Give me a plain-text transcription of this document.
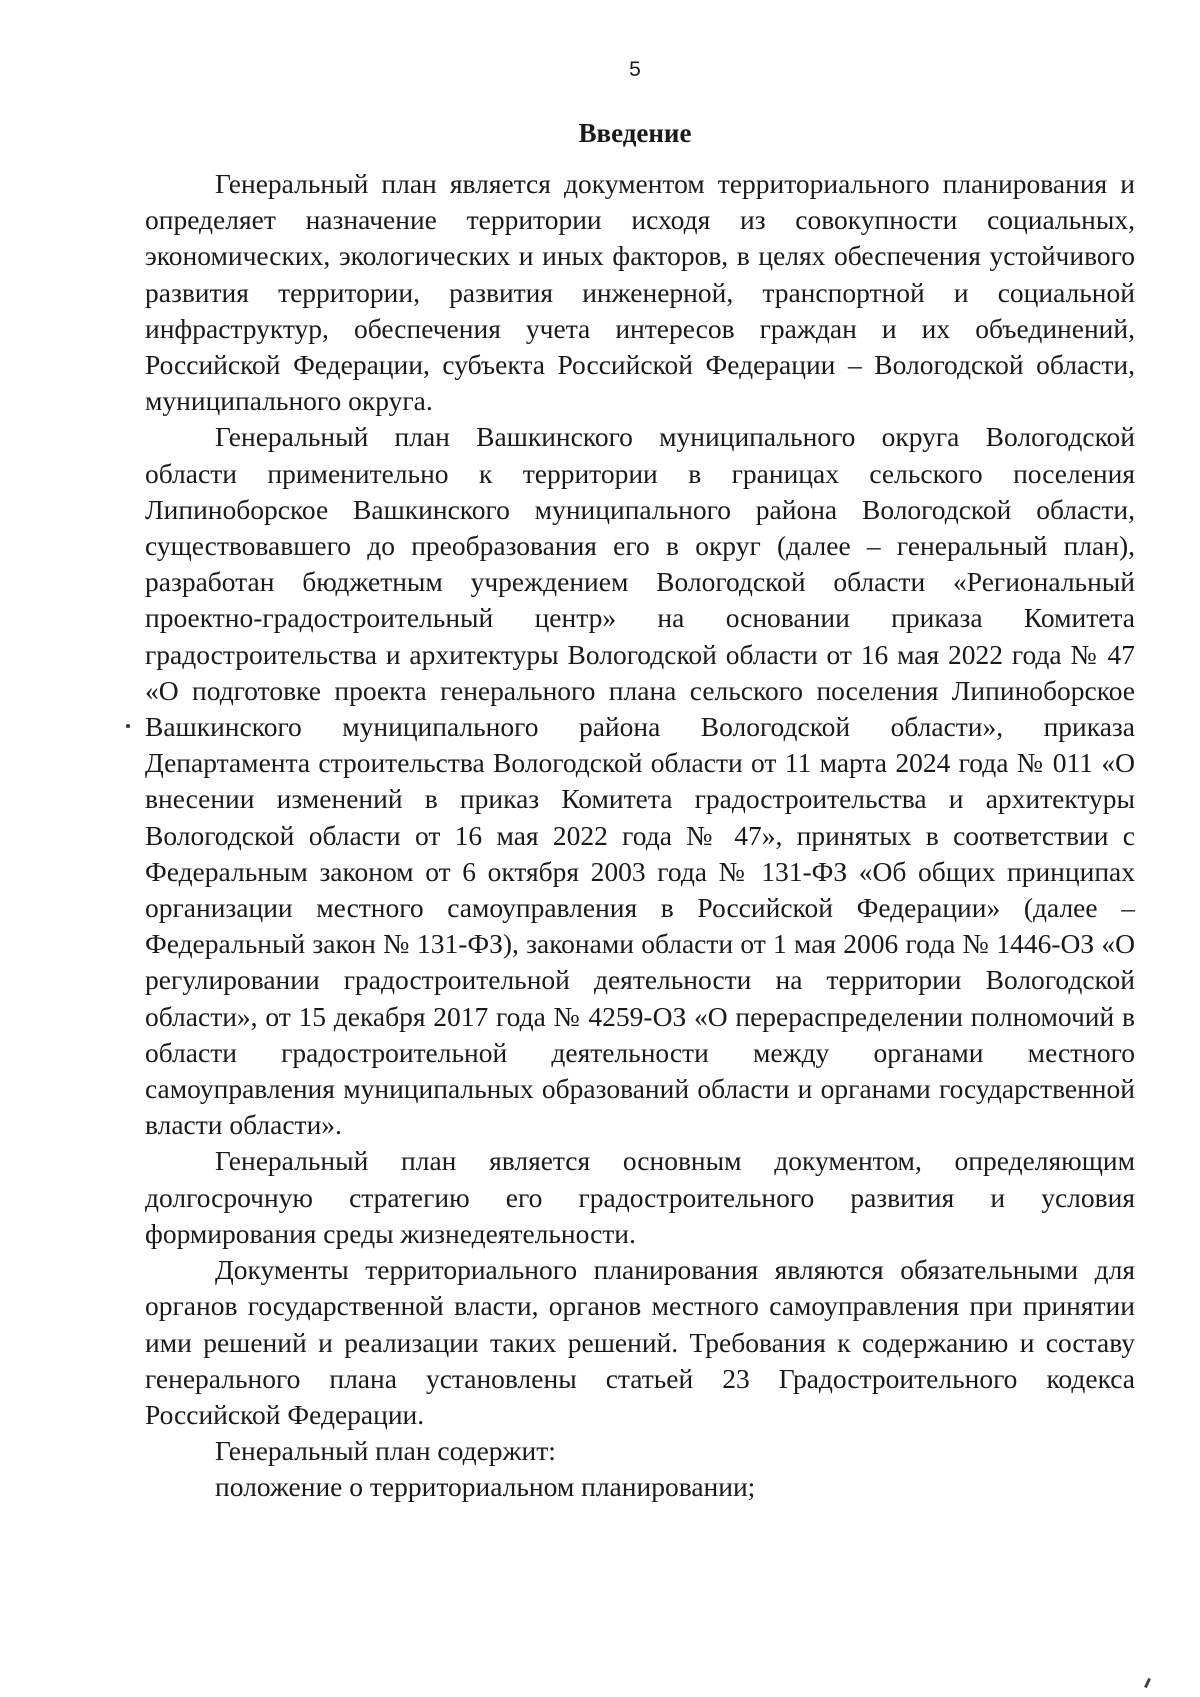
5
Введение

Генеральный план является документом территориального планирования и определяет назначение территории исходя из совокупности социальных, экономических, экологических и иных факторов, в целях обеспечения устойчивого развития территории, развития инженерной, транспортной и социальной инфраструктур, обеспечения учета интересов граждан и их объединений, Российской Федерации, субъекта Российской Федерации – Вологодской области, муниципального округа.

Генеральный план Вашкинского муниципального округа Вологодской области применительно к территории в границах сельского поселения Липиноборское Вашкинского муниципального района Вологодской области, существовавшего до преобразования его в округ (далее – генеральный план), разработан бюджетным учреждением Вологодской области «Региональный проектно-градостроительный центр» на основании приказа Комитета градостроительства и архитектуры Вологодской области от 16 мая 2022 года № 47 «О подготовке проекта генерального плана сельского поселения Липиноборское Вашкинского муниципального района Вологодской области», приказа Департамента строительства Вологодской области от 11 марта 2024 года № 011 «О внесении изменений в приказ Комитета градостроительства и архитектуры Вологодской области от 16 мая 2022 года № 47», принятых в соответствии с Федеральным законом от 6 октября 2003 года № 131-ФЗ «Об общих принципах организации местного самоуправления в Российской Федерации» (далее – Федеральный закон № 131-ФЗ), законами области от 1 мая 2006 года № 1446-ОЗ «О регулировании градостроительной деятельности на территории Вологодской области», от 15 декабря 2017 года № 4259-ОЗ «О перераспределении полномочий в области градостроительной деятельности между органами местного самоуправления муниципальных образований области и органами государственной власти области».

Генеральный план является основным документом, определяющим долгосрочную стратегию его градостроительного развития и условия формирования среды жизнедеятельности.

Документы территориального планирования являются обязательными для органов государственной власти, органов местного самоуправления при принятии ими решений и реализации таких решений. Требования к содержанию и составу генерального плана установлены статьей 23 Градостроительного кодекса Российской Федерации.

Генеральный план содержит:

положение о территориальном планировании;
